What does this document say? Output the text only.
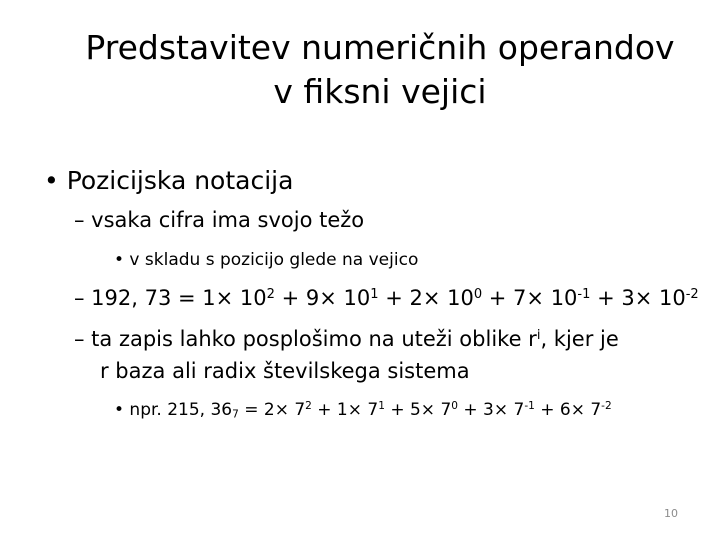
Predstavitev numeričnih operandov
v fiksni vejici
• Pozicijska notacija
– vsaka cifra ima svojo težo
• v skladu s pozicijo glede na vejico
– 192, $73 = 1\times 10^2 + 9\times 10^1 + 2\times 10^0 + 7\times 10^{-1} + 3\times 10^{-2}$
– ta zapis lahko posplošimo na uteži oblike $r^i$, kjer je
r baza ali radix številskega sistema
• npr. 215, $36_7 = 2\times 7^2 + 1\times 7^1 + 5\times 7^0 + 3\times 7^{-1} + 6\times 7^{-2}$
10
